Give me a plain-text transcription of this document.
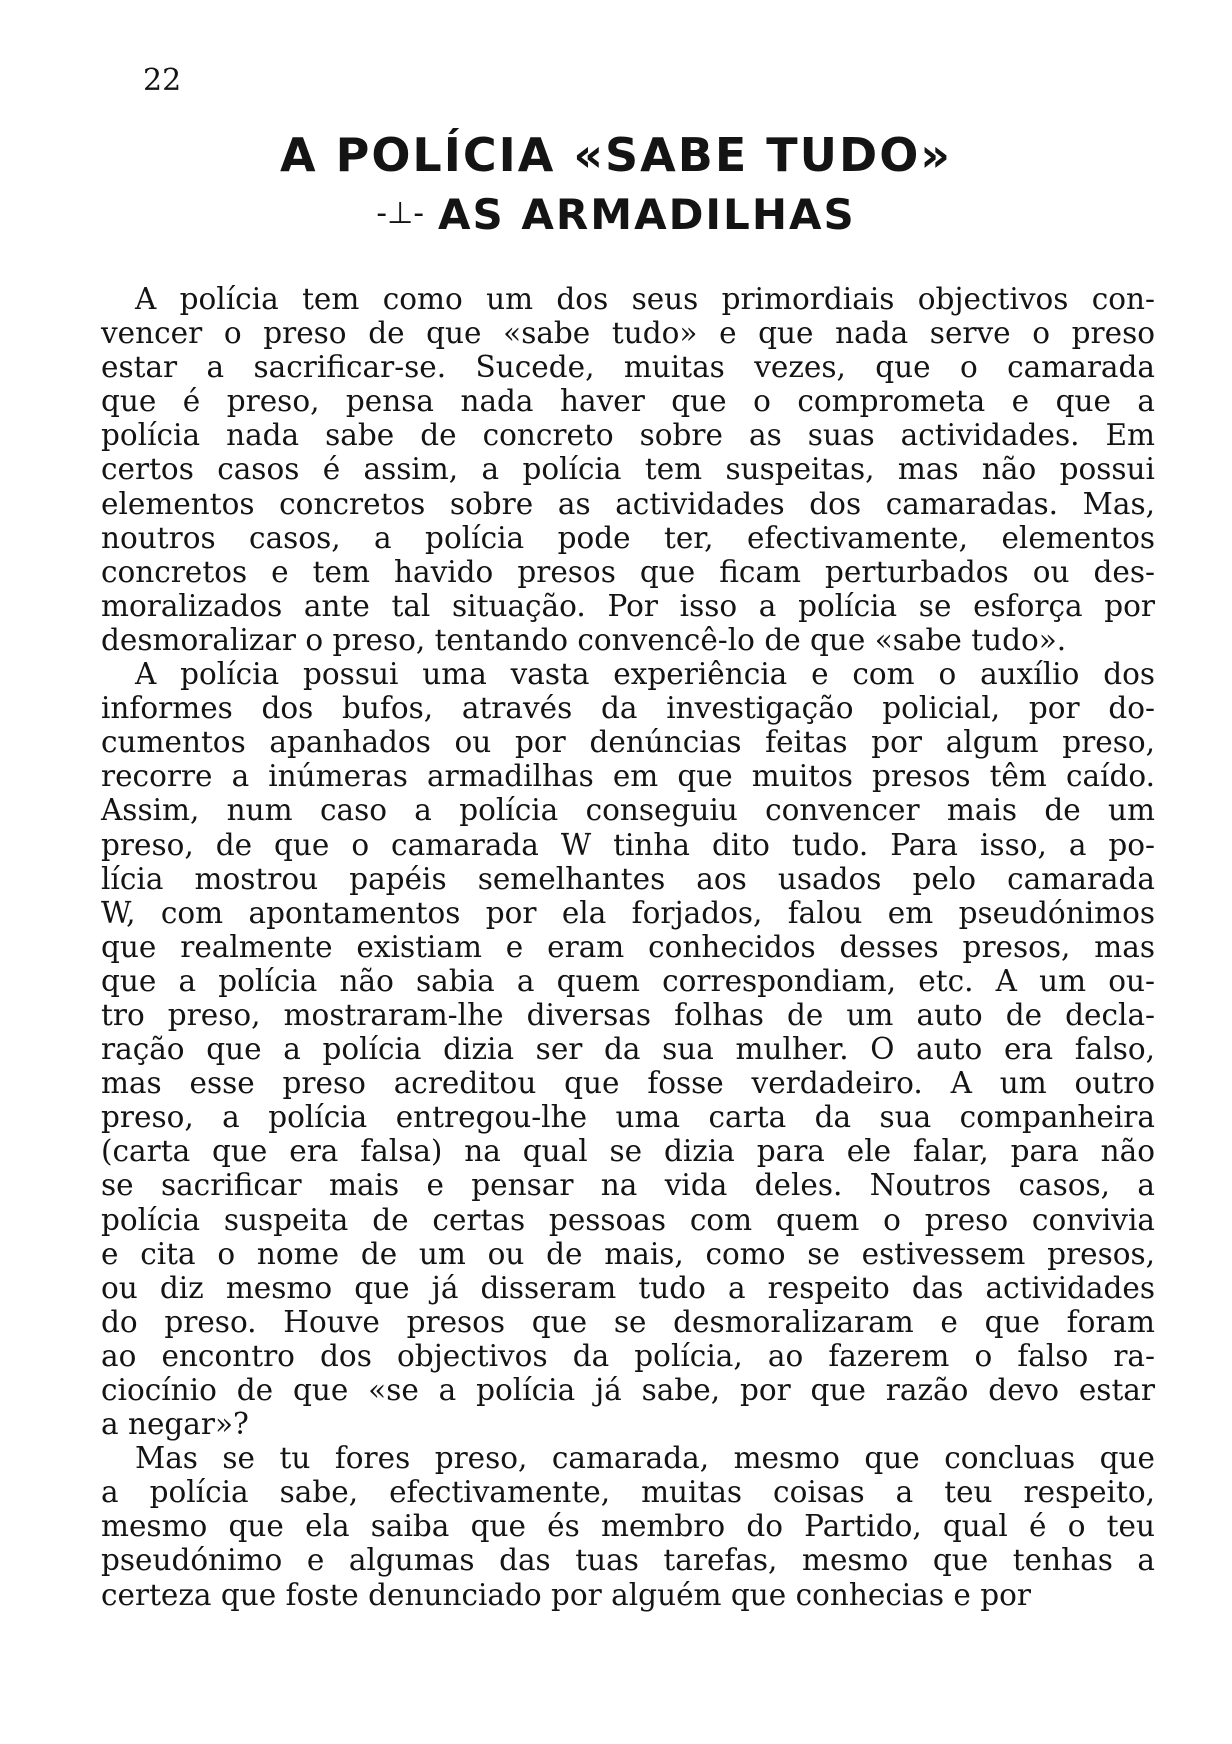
22
A POLÍCIA «SABE TUDO»
-⊥- AS ARMADILHAS
A polícia tem como um dos seus primordiais objectivos con-
vencer o preso de que «sabe tudo» e que nada serve o preso
estar a sacrificar-se. Sucede, muitas vezes, que o camarada
que é preso, pensa nada haver que o comprometa e que a
polícia nada sabe de concreto sobre as suas actividades. Em
certos casos é assim, a polícia tem suspeitas, mas não possui
elementos concretos sobre as actividades dos camaradas. Mas,
noutros casos, a polícia pode ter, efectivamente, elementos
concretos e tem havido presos que ficam perturbados ou des-
moralizados ante tal situação. Por isso a polícia se esforça por
desmoralizar o preso, tentando convencê-lo de que «sabe tudo».
A polícia possui uma vasta experiência e com o auxílio dos
informes dos bufos, através da investigação policial, por do-
cumentos apanhados ou por denúncias feitas por algum preso,
recorre a inúmeras armadilhas em que muitos presos têm caído.
Assim, num caso a polícia conseguiu convencer mais de um
preso, de que o camarada W tinha dito tudo. Para isso, a po-
lícia mostrou papéis semelhantes aos usados pelo camarada
W, com apontamentos por ela forjados, falou em pseudónimos
que realmente existiam e eram conhecidos desses presos, mas
que a polícia não sabia a quem correspondiam, etc. A um ou-
tro preso, mostraram-lhe diversas folhas de um auto de decla-
ração que a polícia dizia ser da sua mulher. O auto era falso,
mas esse preso acreditou que fosse verdadeiro. A um outro
preso, a polícia entregou-lhe uma carta da sua companheira
(carta que era falsa) na qual se dizia para ele falar, para não
se sacrificar mais e pensar na vida deles. Noutros casos, a
polícia suspeita de certas pessoas com quem o preso convivia
e cita o nome de um ou de mais, como se estivessem presos,
ou diz mesmo que já disseram tudo a respeito das actividades
do preso. Houve presos que se desmoralizaram e que foram
ao encontro dos objectivos da polícia, ao fazerem o falso ra-
ciocínio de que «se a polícia já sabe, por que razão devo estar
a negar»?
Mas se tu fores preso, camarada, mesmo que concluas que
a polícia sabe, efectivamente, muitas coisas a teu respeito,
mesmo que ela saiba que és membro do Partido, qual é o teu
pseudónimo e algumas das tuas tarefas, mesmo que tenhas a
certeza que foste denunciado por alguém que conhecias e por
